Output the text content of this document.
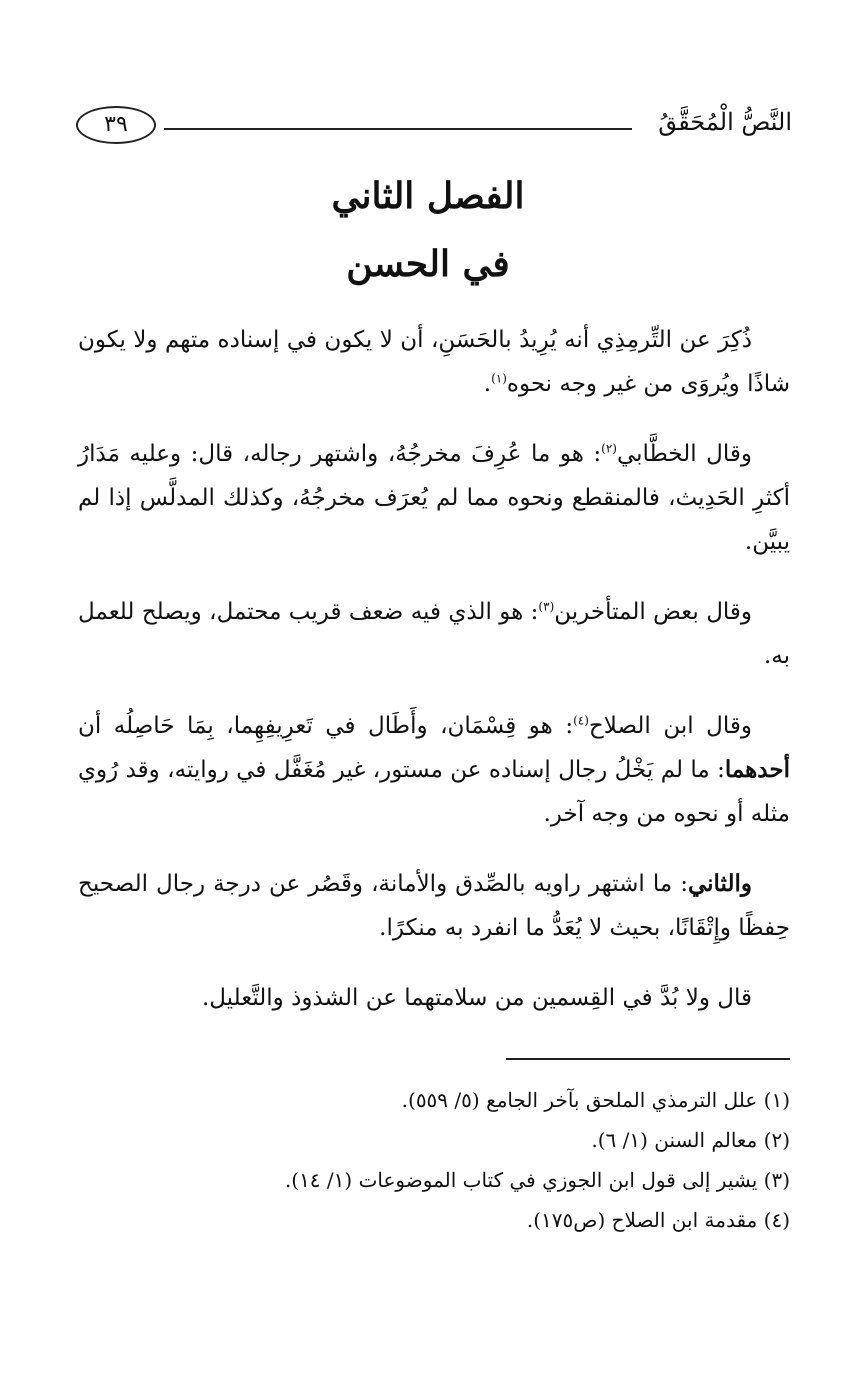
النَّصُّ الْمُحَقَّقُ
٣٩
الفصل الثاني
في الحسن

ذُكِرَ عن التِّرمِذِي أنه يُرِيدُ بالحَسَنِ، أن لا يكون في إسناده متهم ولا يكون شاذًا ويُروَى من غير وجه نحوه$^{(١)}$.

وقال الخطَّابي$^{(٢)}$: هو ما عُرِفَ مخرجُهُ، واشتهر رجاله، قال: وعليه مَدَارُ أكثرِ الحَدِيث، فالمنقطع ونحوه مما لم يُعرَف مخرجُهُ، وكذلك المدلَّس إذا لم يبيَّن.

وقال بعض المتأخرين$^{(٣)}$: هو الذي فيه ضعف قريب محتمل، ويصلح للعمل به.

وقال ابن الصلاح$^{(٤)}$: هو قِسْمَان، وأَطَال في تَعرِيفِهِما، بِمَا حَاصِلُه أن أحدهما: ما لم يَخْلُ رجال إسناده عن مستور، غير مُغَفَّل في روايته، وقد رُوي مثله أو نحوه من وجه آخر.

والثاني: ما اشتهر راويه بالصِّدق والأمانة، وقَصُر عن درجة رجال الصحيح حِفظًا وإِتْقَانًا، بحيث لا يُعَدُّ ما انفرد به منكرًا.

قال ولا بُدَّ في القِسمين من سلامتهما عن الشذوذ والتَّعليل.

(١) علل الترمذي الملحق بآخر الجامع (٥/ ٥٥٩).

(٢) معالم السنن (١/ ٦).

(٣) يشير إلى قول ابن الجوزي في كتاب الموضوعات (١/ ١٤).

(٤) مقدمة ابن الصلاح (ص١٧٥).
